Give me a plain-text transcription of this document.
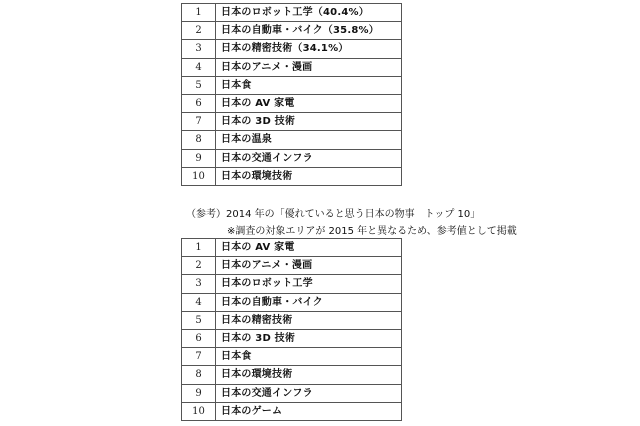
1	日本のロボット工学（40.4%）
2	日本の自動車・バイク（35.8%）
3	日本の精密技術（34.1%）
4	日本のアニメ・漫画
5	日本食
6	日本の AV 家電
7	日本の 3D 技術
8	日本の温泉
9	日本の交通インフラ
10	日本の環境技術
（参考）2014 年の「優れていると思う日本の物事　トップ 10」
※調査の対象エリアが 2015 年と異なるため、参考値として掲載
1	日本の AV 家電
2	日本のアニメ・漫画
3	日本のロボット工学
4	日本の自動車・バイク
5	日本の精密技術
6	日本の 3D 技術
7	日本食
8	日本の環境技術
9	日本の交通インフラ
10	日本のゲーム
